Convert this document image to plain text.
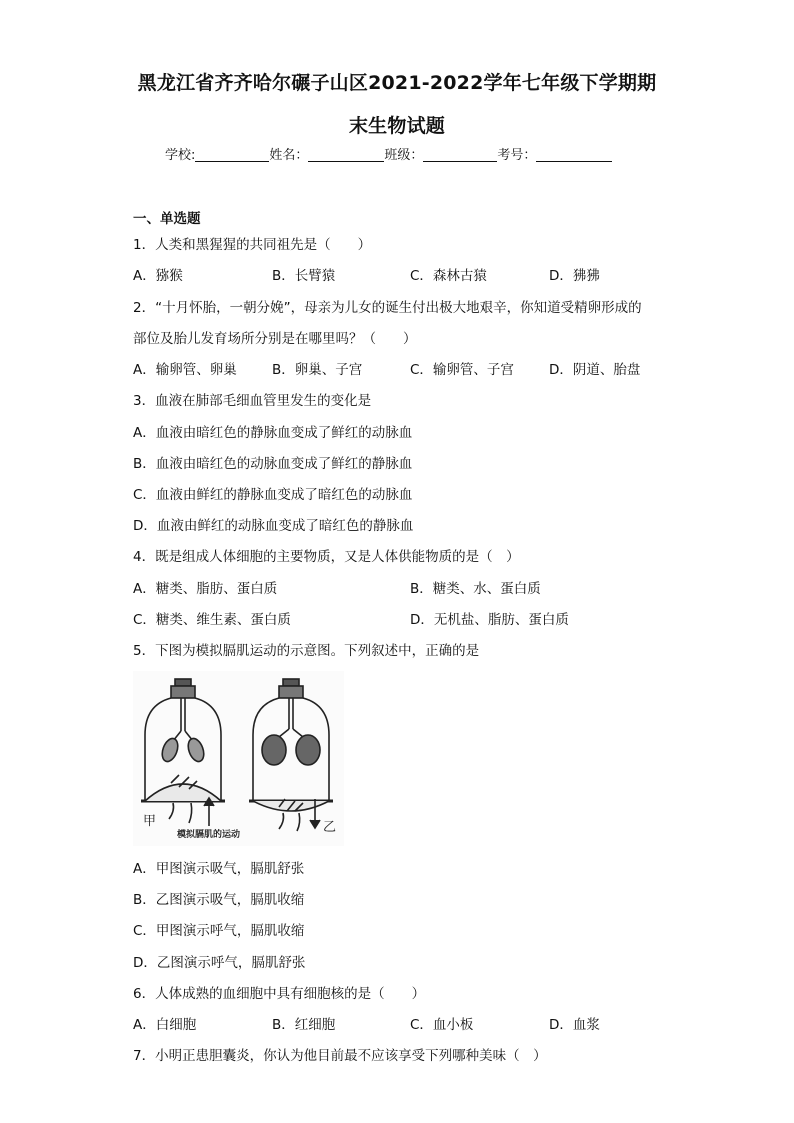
黑龙江省齐齐哈尔碾子山区2021-2022学年七年级下学期期
末生物试题
学校:	姓名：	班级：	考号：
一、单选题
1．人类和黑猩猩的共同祖先是（　　）
A．猕猴	B．长臂猿	C．森林古猿	D．狒狒
2．“十月怀胎，一朝分娩”，母亲为儿女的诞生付出极大地艰辛，你知道受精卵形成的
部位及胎儿发育场所分别是在哪里吗？（　　）
A．输卵管、卵巢	B．卵巢、子宫	C．输卵管、子宫	D．阴道、胎盘
3．血液在肺部毛细血管里发生的变化是
A．血液由暗红色的静脉血变成了鲜红的动脉血
B．血液由暗红色的动脉血变成了鲜红的静脉血
C．血液由鲜红的静脉血变成了暗红色的动脉血
D．血液由鲜红的动脉血变成了暗红色的静脉血
4．既是组成人体细胞的主要物质，又是人体供能物质的是（　）
A．糖类、脂肪、蛋白质	B．糖类、水、蛋白质
C．糖类、维生素、蛋白质	D．无机盐、脂肪、蛋白质
5．下图为模拟膈肌运动的示意图。下列叙述中，正确的是
甲	乙
模拟膈肌的运动
A．甲图演示吸气，膈肌舒张
B．乙图演示吸气，膈肌收缩
C．甲图演示呼气，膈肌收缩
D．乙图演示呼气，膈肌舒张
6．人体成熟的血细胞中具有细胞核的是（　　）
A．白细胞	B．红细胞	C．血小板	D．血浆
7．小明正患胆囊炎，你认为他目前最不应该享受下列哪种美味（　）
